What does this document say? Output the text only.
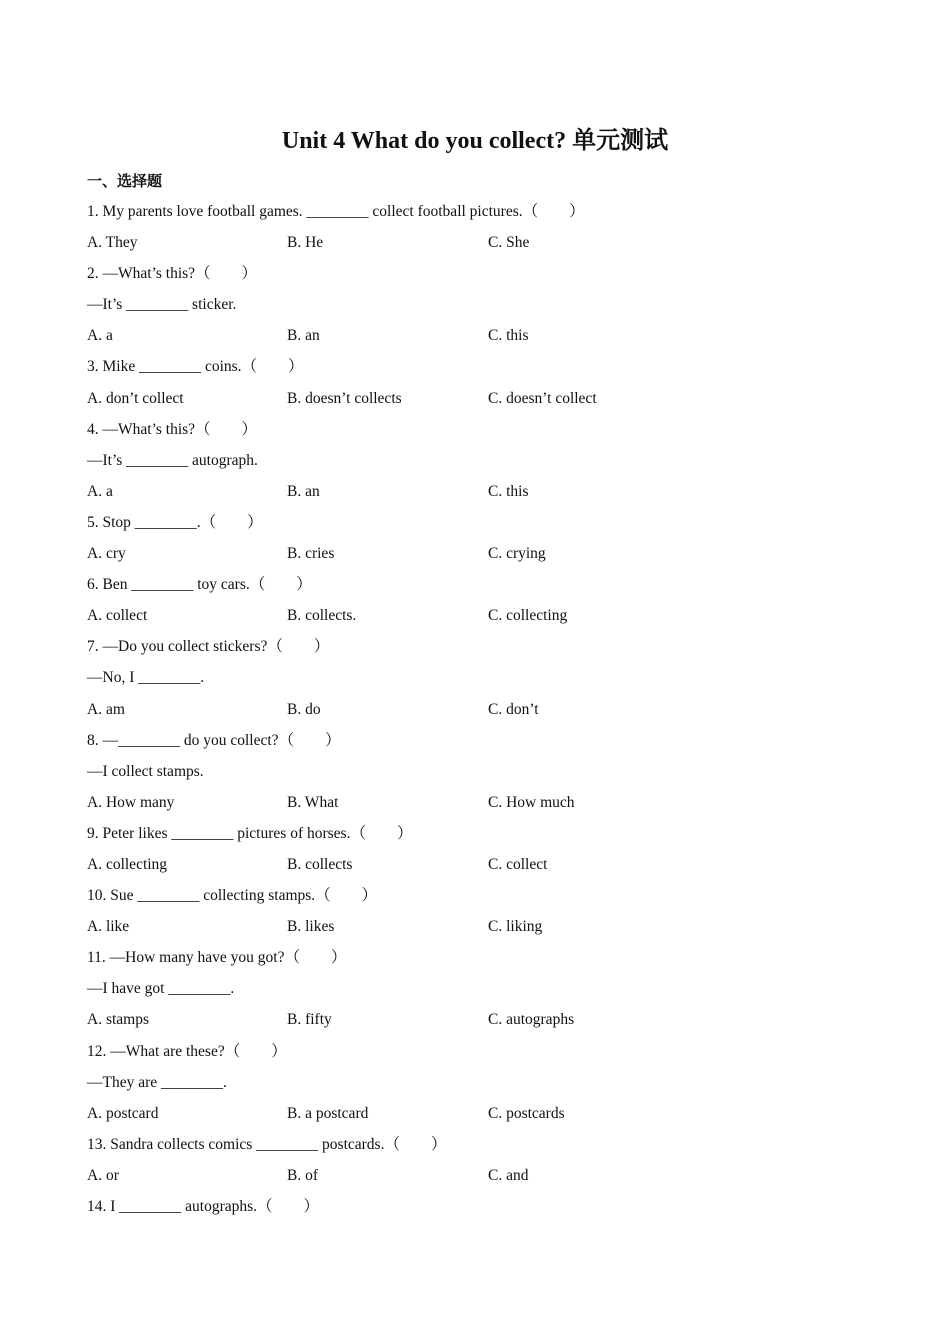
Unit 4 What do you collect? 单元测试
一、选择题
1. My parents love football games. ________ collect football pictures.（　　）
A. They	B. He	C. She
2. —What’s this?（　　）
—It’s ________ sticker.
A. a	B. an	C. this
3. Mike ________ coins.（　　）
A. don’t collect	B. doesn’t collects	C. doesn’t collect
4. —What’s this?（　　）
—It’s ________ autograph.
A. a	B. an	C. this
5. Stop ________.（　　）
A. cry	B. cries	C. crying
6. Ben ________ toy cars.（　　）
A. collect	B. collects.	C. collecting
7. —Do you collect stickers?（　　）
—No, I ________.
A. am	B. do	C. don’t
8. —________ do you collect?（　　）
—I collect stamps.
A. How many	B. What	C. How much
9. Peter likes ________ pictures of horses.（　　）
A. collecting	B. collects	C. collect
10. Sue ________ collecting stamps.（　　）
A. like	B. likes	C. liking
11. —How many have you got?（　　）
—I have got ________.
A. stamps	B. fifty	C. autographs
12. —What are these?（　　）
—They are ________.
A. postcard	B. a postcard	C. postcards
13. Sandra collects comics ________ postcards.（　　）
A. or	B. of	C. and
14. I ________ autographs.（　　）
